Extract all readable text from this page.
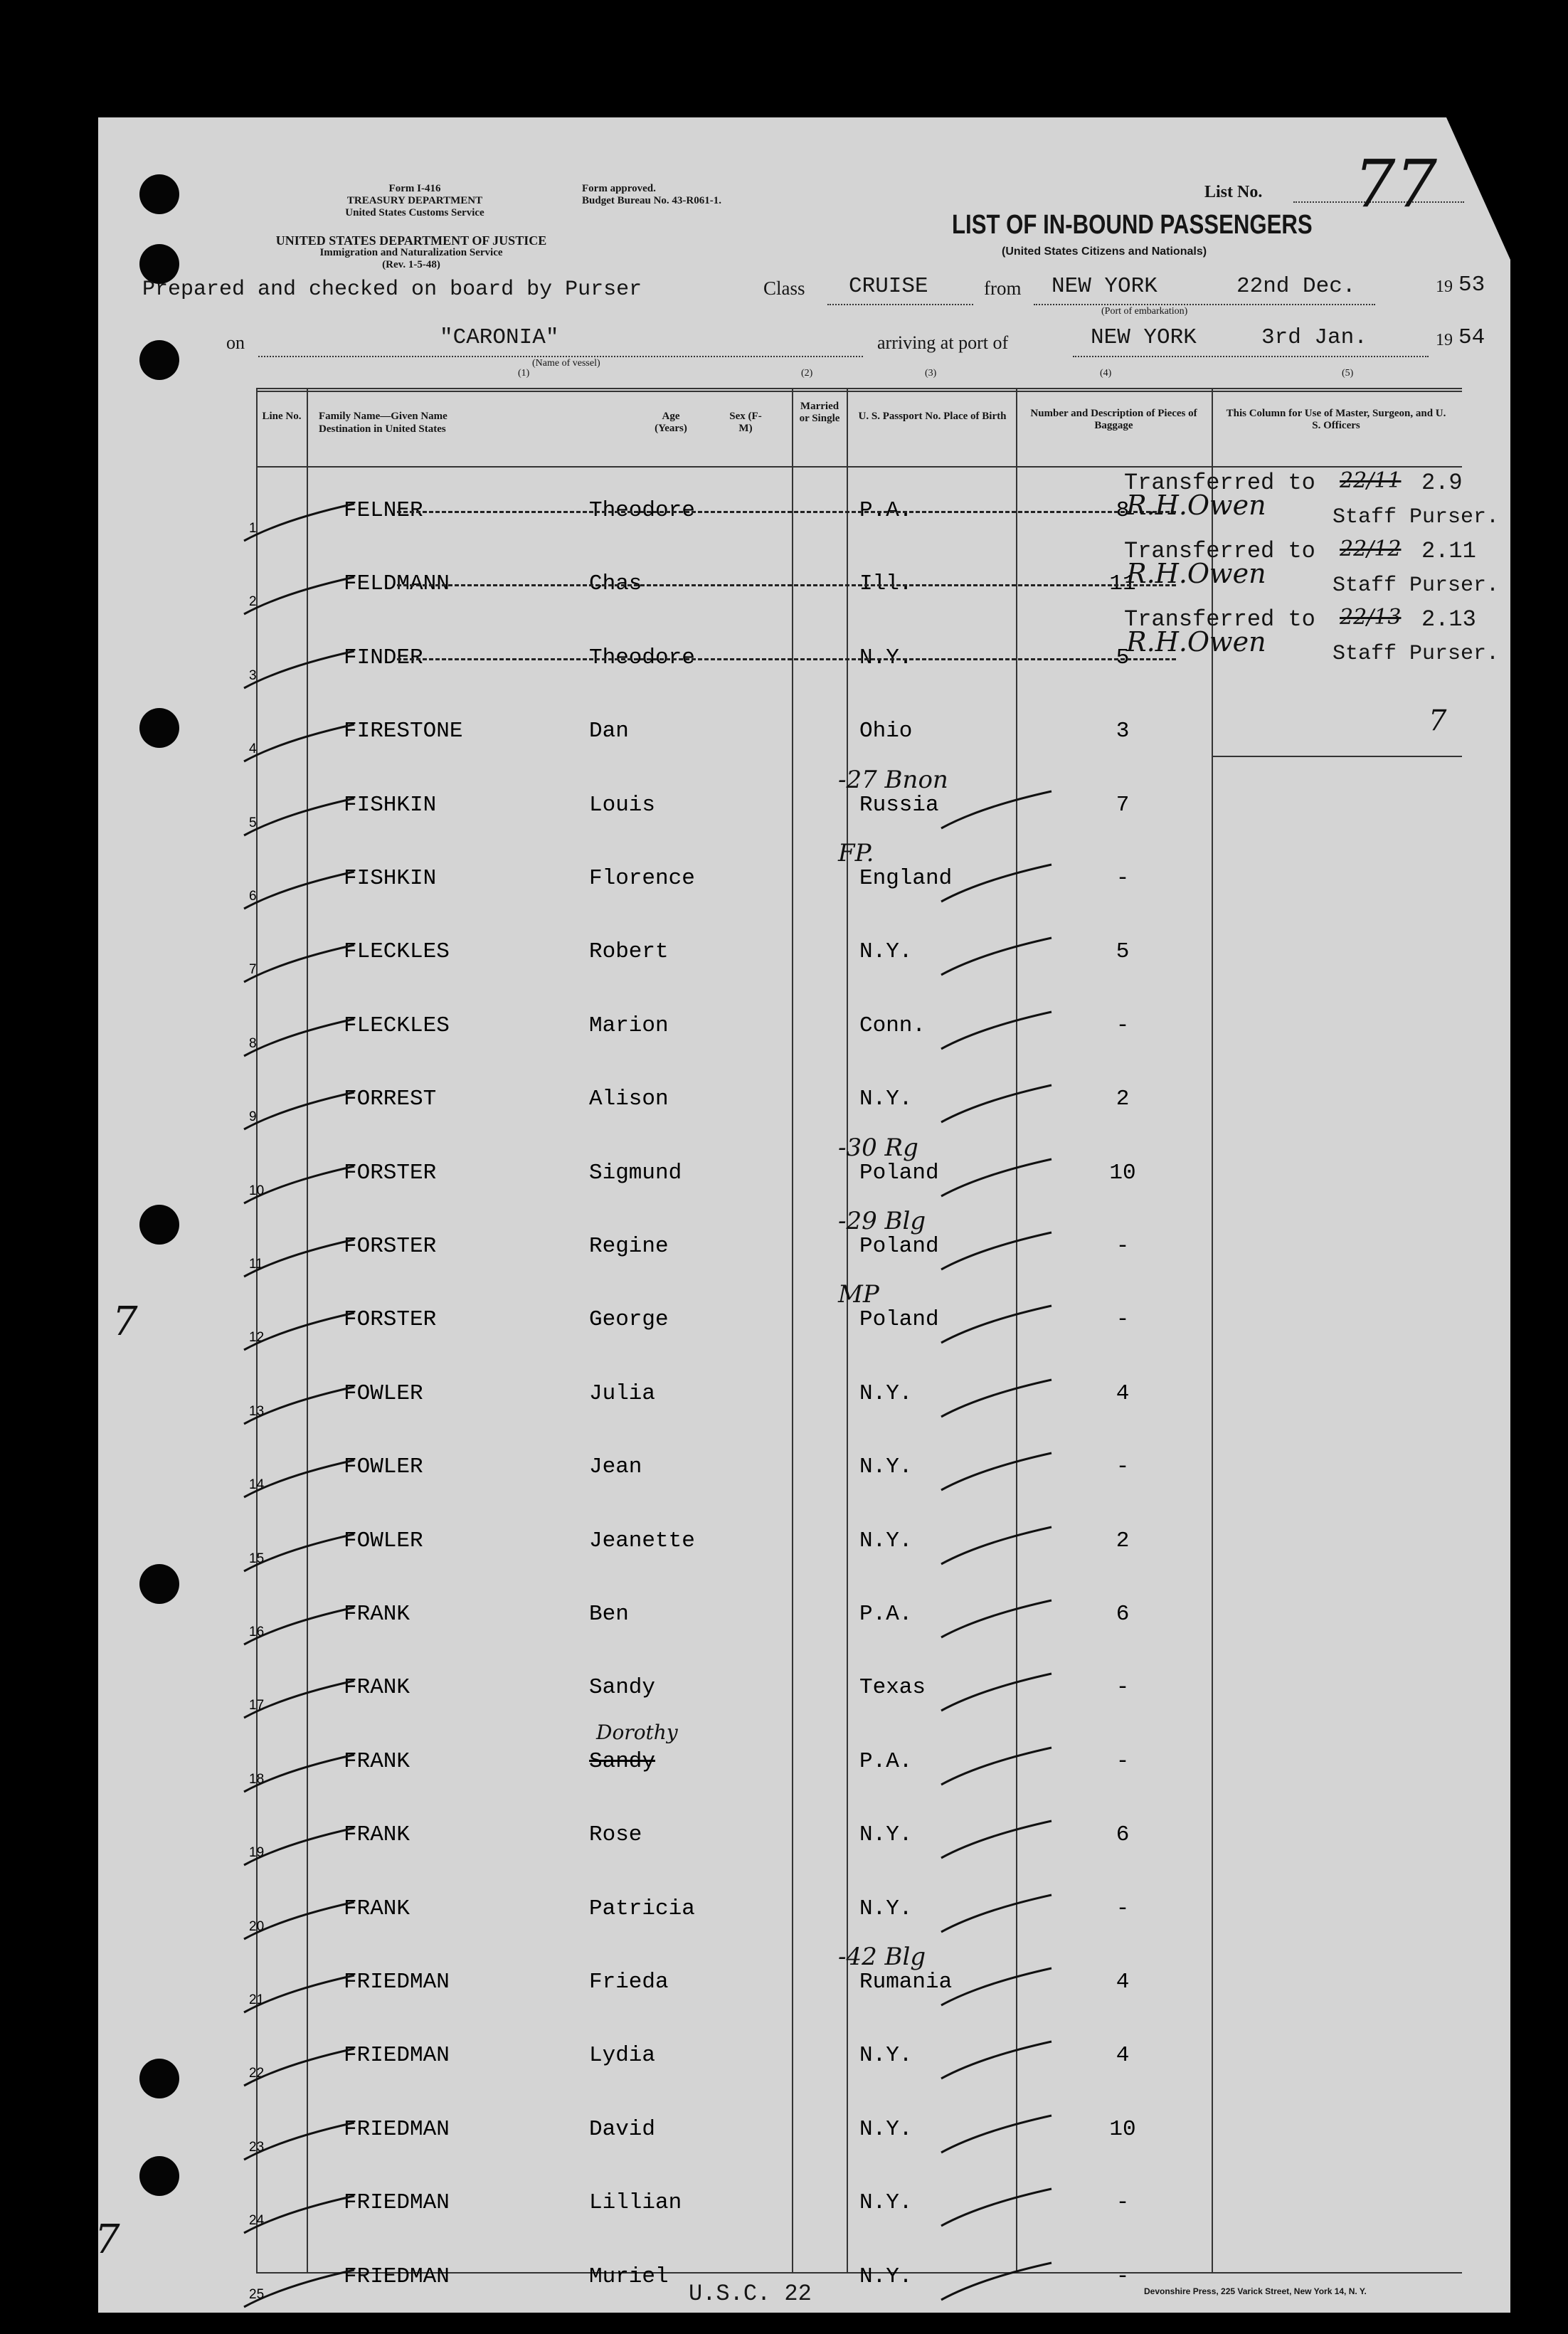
Form I-416
TREASURY DEPARTMENT
United States Customs Service
Form approved.
Budget Bureau No. 43-R061-1.
UNITED STATES DEPARTMENT OF JUSTICE
Immigration and Naturalization Service
(Rev. 1-5-48)
List No. 77
LIST OF IN-BOUND PASSENGERS
(United States Citizens and Nationals)
Prepared and checked on board by Purser	Class CRUISE	from NEW YORK	22nd Dec.	19 53
(Port of embarkation)
on	"CARONIA"
(Name of vessel)
arriving at port of	NEW YORK	3rd Jan.	19 54
(1)	(2)	(3)	(4)	(5)
Line No.	Family Name—Given Name
Destination in United States
Age (Years)
Sex (F-M)
Married or Single	U. S. Passport No. Place of Birth	Number and Description of Pieces of Baggage
This Column for Use of Master, Surgeon, and U. S. Officers
1
FELNER	Theodore	P.A.	8
2
FELDMANN	Chas	Ill.	11
3
FINDER	Theodore	N.Y.	5
4
FIRESTONE	Dan	Ohio	3
5
FISHKIN	Louis	Russia	7
-27 Bnon
6
FISHKIN	Florence	England	-
FP.
7
FLECKLES	Robert	N.Y.	5
8
FLECKLES	Marion	Conn.	-
9
FORREST	Alison	N.Y.	2
10
FORSTER	Sigmund	Poland	10
-30 Rg
11
FORSTER	Regine	Poland	-
-29 Blg
12
FORSTER	George	Poland	-
MP
13
FOWLER	Julia	N.Y.	4
14
FOWLER	Jean	N.Y.	-
15
FOWLER	Jeanette	N.Y.	2
16
FRANK	Ben	P.A.	6
17
FRANK	Sandy	Texas	-
18
FRANK	Sandy	P.A.	-
Dorothy
19
FRANK	Rose	N.Y.	6
20
FRANK	Patricia	N.Y.	-
21
FRIEDMAN	Frieda	Rumania	4
-42 Blg
22
FRIEDMAN	Lydia	N.Y.	4
23
FRIEDMAN	David	N.Y.	10
24
FRIEDMAN	Lillian	N.Y.	-
25
FRIEDMAN	Muriel	N.Y.	-
Transferred to 22/11 2.9
R.H.Owen	Staff Purser.
Transferred to 22/12 2.11
R.H.Owen	Staff Purser.
Transferred to 22/13 2.13
R.H.Owen	Staff Purser.
7
7
7
U.S.C. 22	Devonshire Press, 225 Varick Street, New York 14, N. Y.
